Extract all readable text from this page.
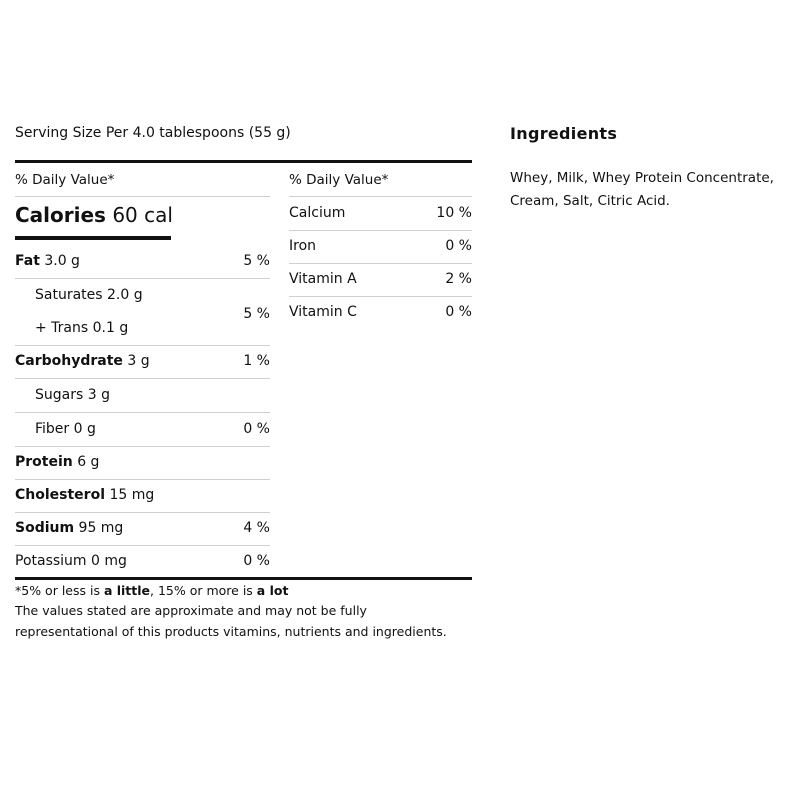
Serving Size Per 4.0 tablespoons (55 g)
% Daily Value*	% Daily Value*
Calories 60 cal
Fat 3.0 g	5 %
Saturates 2.0 g
+ Trans 0.1 g
5 %
Carbohydrate 3 g	1 %
Sugars 3 g
Fiber 0 g	0 %
Protein 6 g
Cholesterol 15 mg
Sodium 95 mg	4 %
Potassium 0 mg	0 %
Calcium	10 %
Iron	0 %
Vitamin A	2 %
Vitamin C	0 %
*5% or less is a little, 15% or more is a lot
The values stated are approximate and may not be fully
representational of this products vitamins, nutrients and ingredients.
Ingredients
Whey, Milk, Whey Protein Concentrate, Cream, Salt, Citric Acid.
